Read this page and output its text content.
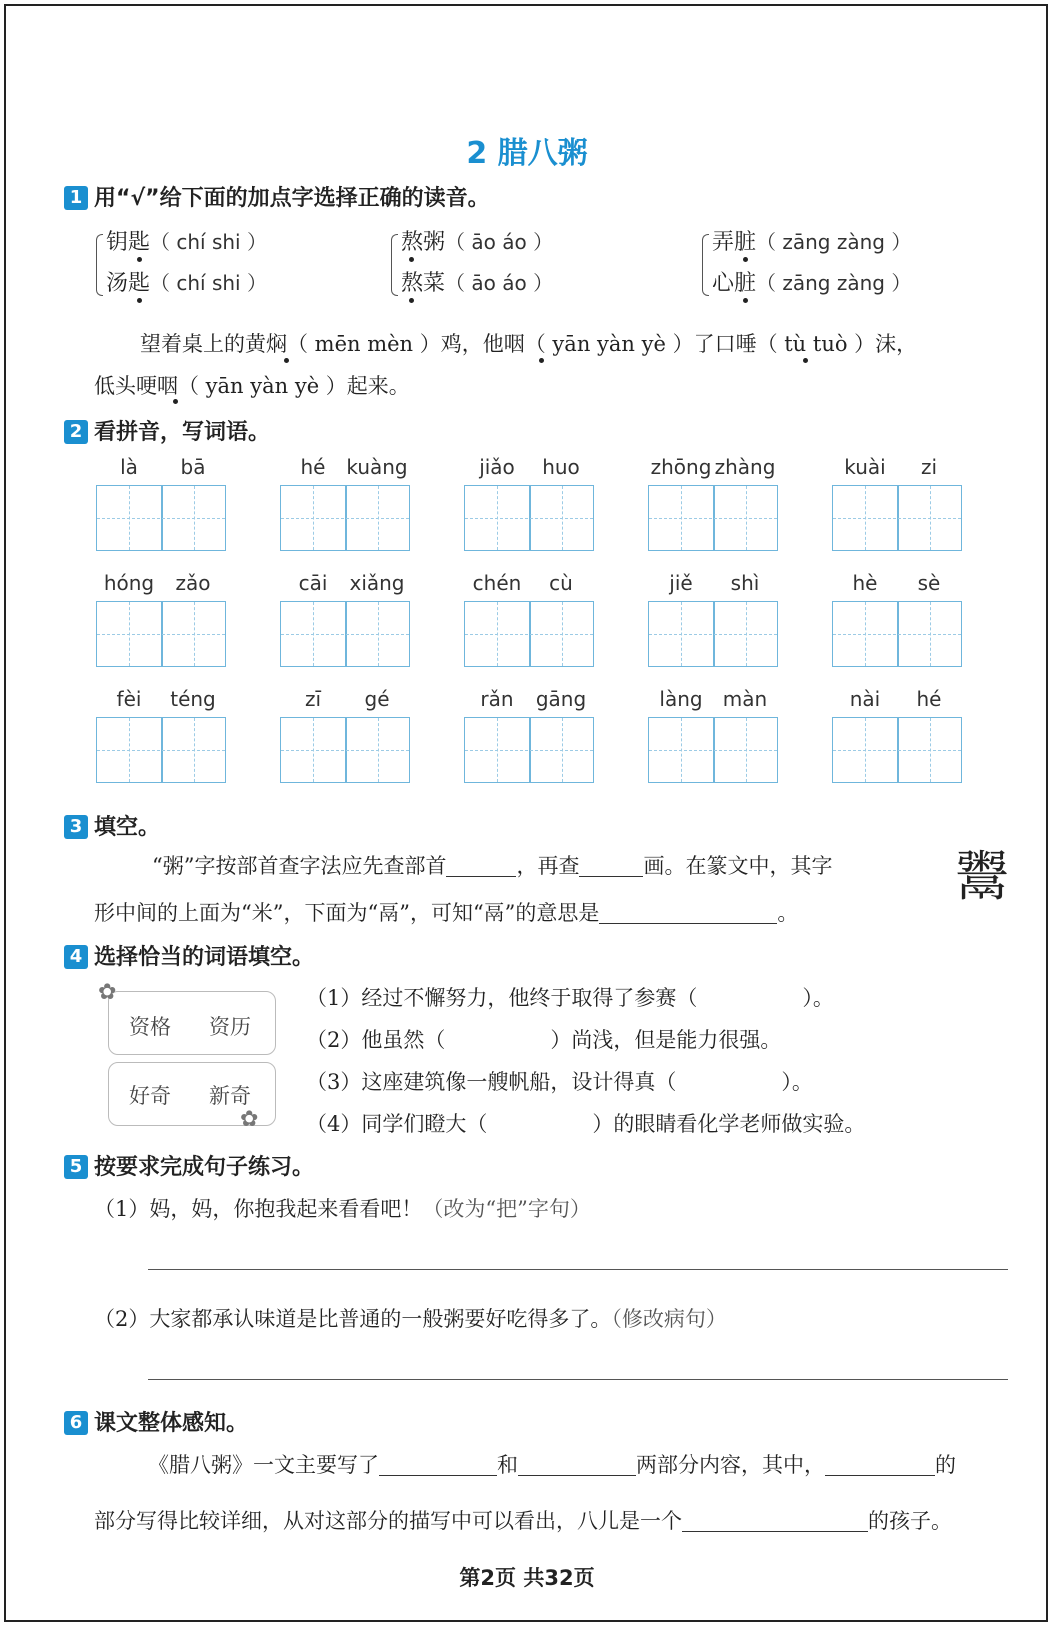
2 腊八粥
1 用“√”给下面的加点字选择正确的读音。
钥匙（ chí shi ）
汤匙（ chí shi ）
熬粥（ āo áo ）
熬菜（ āo áo ）
弄脏（ zāng zàng ）
心脏（ zāng zàng ）
望着桌上的黄焖（ mēn mèn ）鸡，他咽（ yān yàn yè ）了口唾（ tù tuò ）沫，
低头哽咽（ yān yàn yè ）起来。
2 看拼音，写词语。
là bā	hé kuàng	jiǎo huo	zhōng zhàng	kuài zi
hóng zǎo	cāi xiǎng	chén cù	jiě shì	hè sè
fèi téng	zī gé	rǎn gāng	làng màn	nài hé
3 填空。
“粥”字按部首查字法应先查部首	，再查	画。在篆文中，其字
形中间的上面为“米”，下面为“鬲”，可知“鬲”的意思是	。
鬻
4 选择恰当的词语填空。
资格 资历
好奇 新奇
✿
✿
（1）经过不懈努力，他终于取得了参赛（	）。
（2）他虽然（	）尚浅，但是能力很强。
（3）这座建筑像一艘帆船，设计得真（	）。
（4）同学们瞪大（	）的眼睛看化学老师做实验。
5 按要求完成句子练习。
（1）妈，妈，你抱我起来看看吧！（改为“把”字句）
（2）大家都承认味道是比普通的一般粥要好吃得多了。（修改病句）
6 课文整体感知。
《腊八粥》一文主要写了	和	两部分内容，其中，	的
部分写得比较详细，从对这部分的描写中可以看出，八儿是一个	的孩子。
第2页 共32页
